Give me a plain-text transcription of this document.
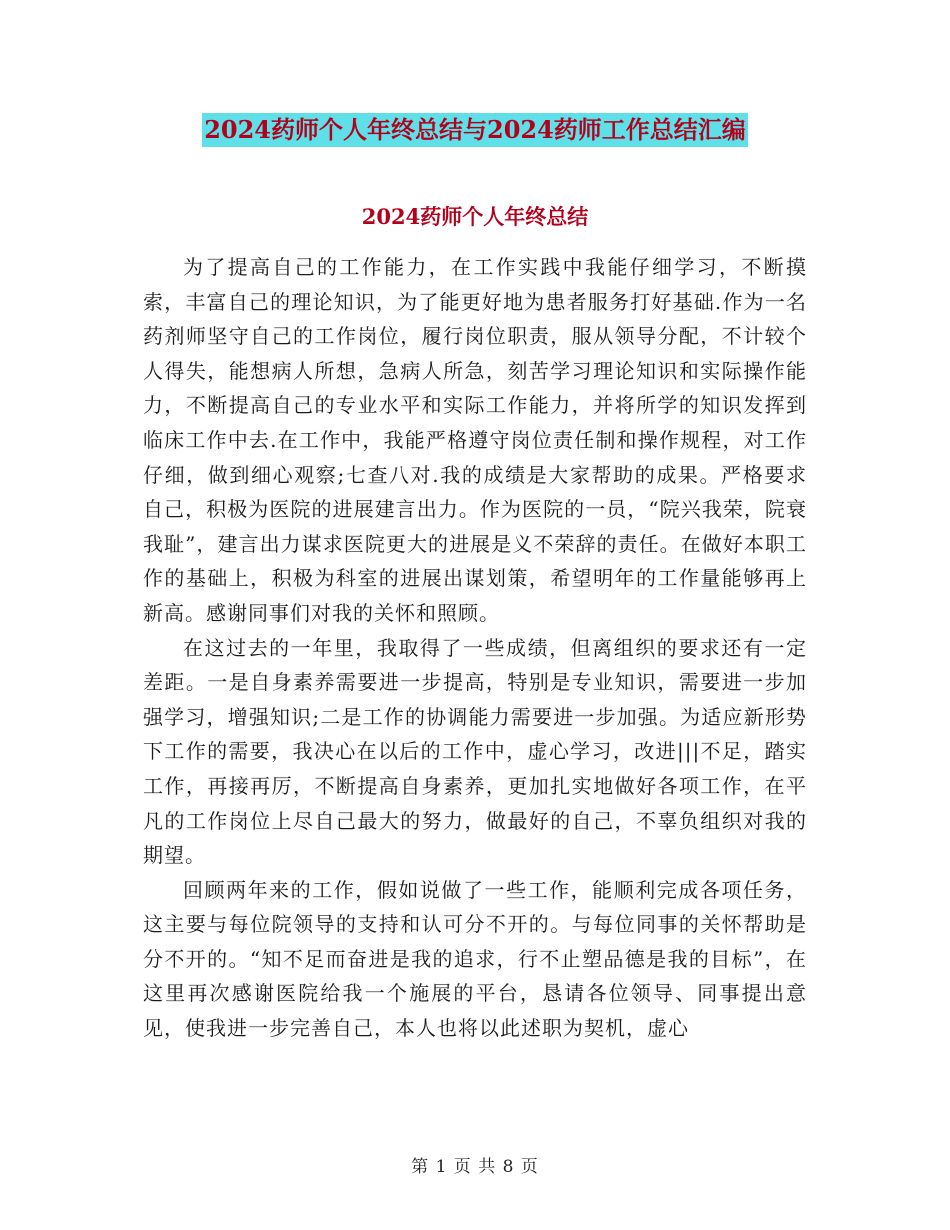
2024药师个人年终总结与2024药师工作总结汇编
2024药师个人年终总结

为了提高自己的工作能力，在工作实践中我能仔细学习，不断摸索，丰富自己的理论知识，为了能更好地为患者服务打好基础.作为一名药剂师坚守自己的工作岗位，履行岗位职责，服从领导分配，不计较个人得失，能想病人所想，急病人所急，刻苦学习理论知识和实际操作能力，不断提高自己的专业水平和实际工作能力，并将所学的知识发挥到临床工作中去.在工作中，我能严格遵守岗位责任制和操作规程，对工作仔细，做到细心观察;七查八对.我的成绩是大家帮助的成果。严格要求自己，积极为医院的进展建言出力。作为医院的一员，“院兴我荣，院衰我耻”，建言出力谋求医院更大的进展是义不荣辞的责任。在做好本职工作的基础上，积极为科室的进展出谋划策，希望明年的工作量能够再上新高。感谢同事们对我的关怀和照顾。

在这过去的一年里，我取得了一些成绩，但离组织的要求还有一定差距。一是自身素养需要进一步提高，特别是专业知识，需要进一步加强学习，增强知识;二是工作的协调能力需要进一步加强。为适应新形势下工作的需要，我决心在以后的工作中，虚心学习，改进|||不足，踏实工作，再接再厉，不断提高自身素养，更加扎实地做好各项工作，在平凡的工作岗位上尽自己最大的努力，做最好的自己，不辜负组织对我的期望。

回顾两年来的工作，假如说做了一些工作，能顺利完成各项任务，这主要与每位院领导的支持和认可分不开的。与每位同事的关怀帮助是分不开的。“知不足而奋进是我的追求，行不止塑品德是我的目标”，在这里再次感谢医院给我一个施展的平台，恳请各位领导、同事提出意见，使我进一步完善自己，本人也将以此述职为契机，虚心

第 1 页 共 8 页
